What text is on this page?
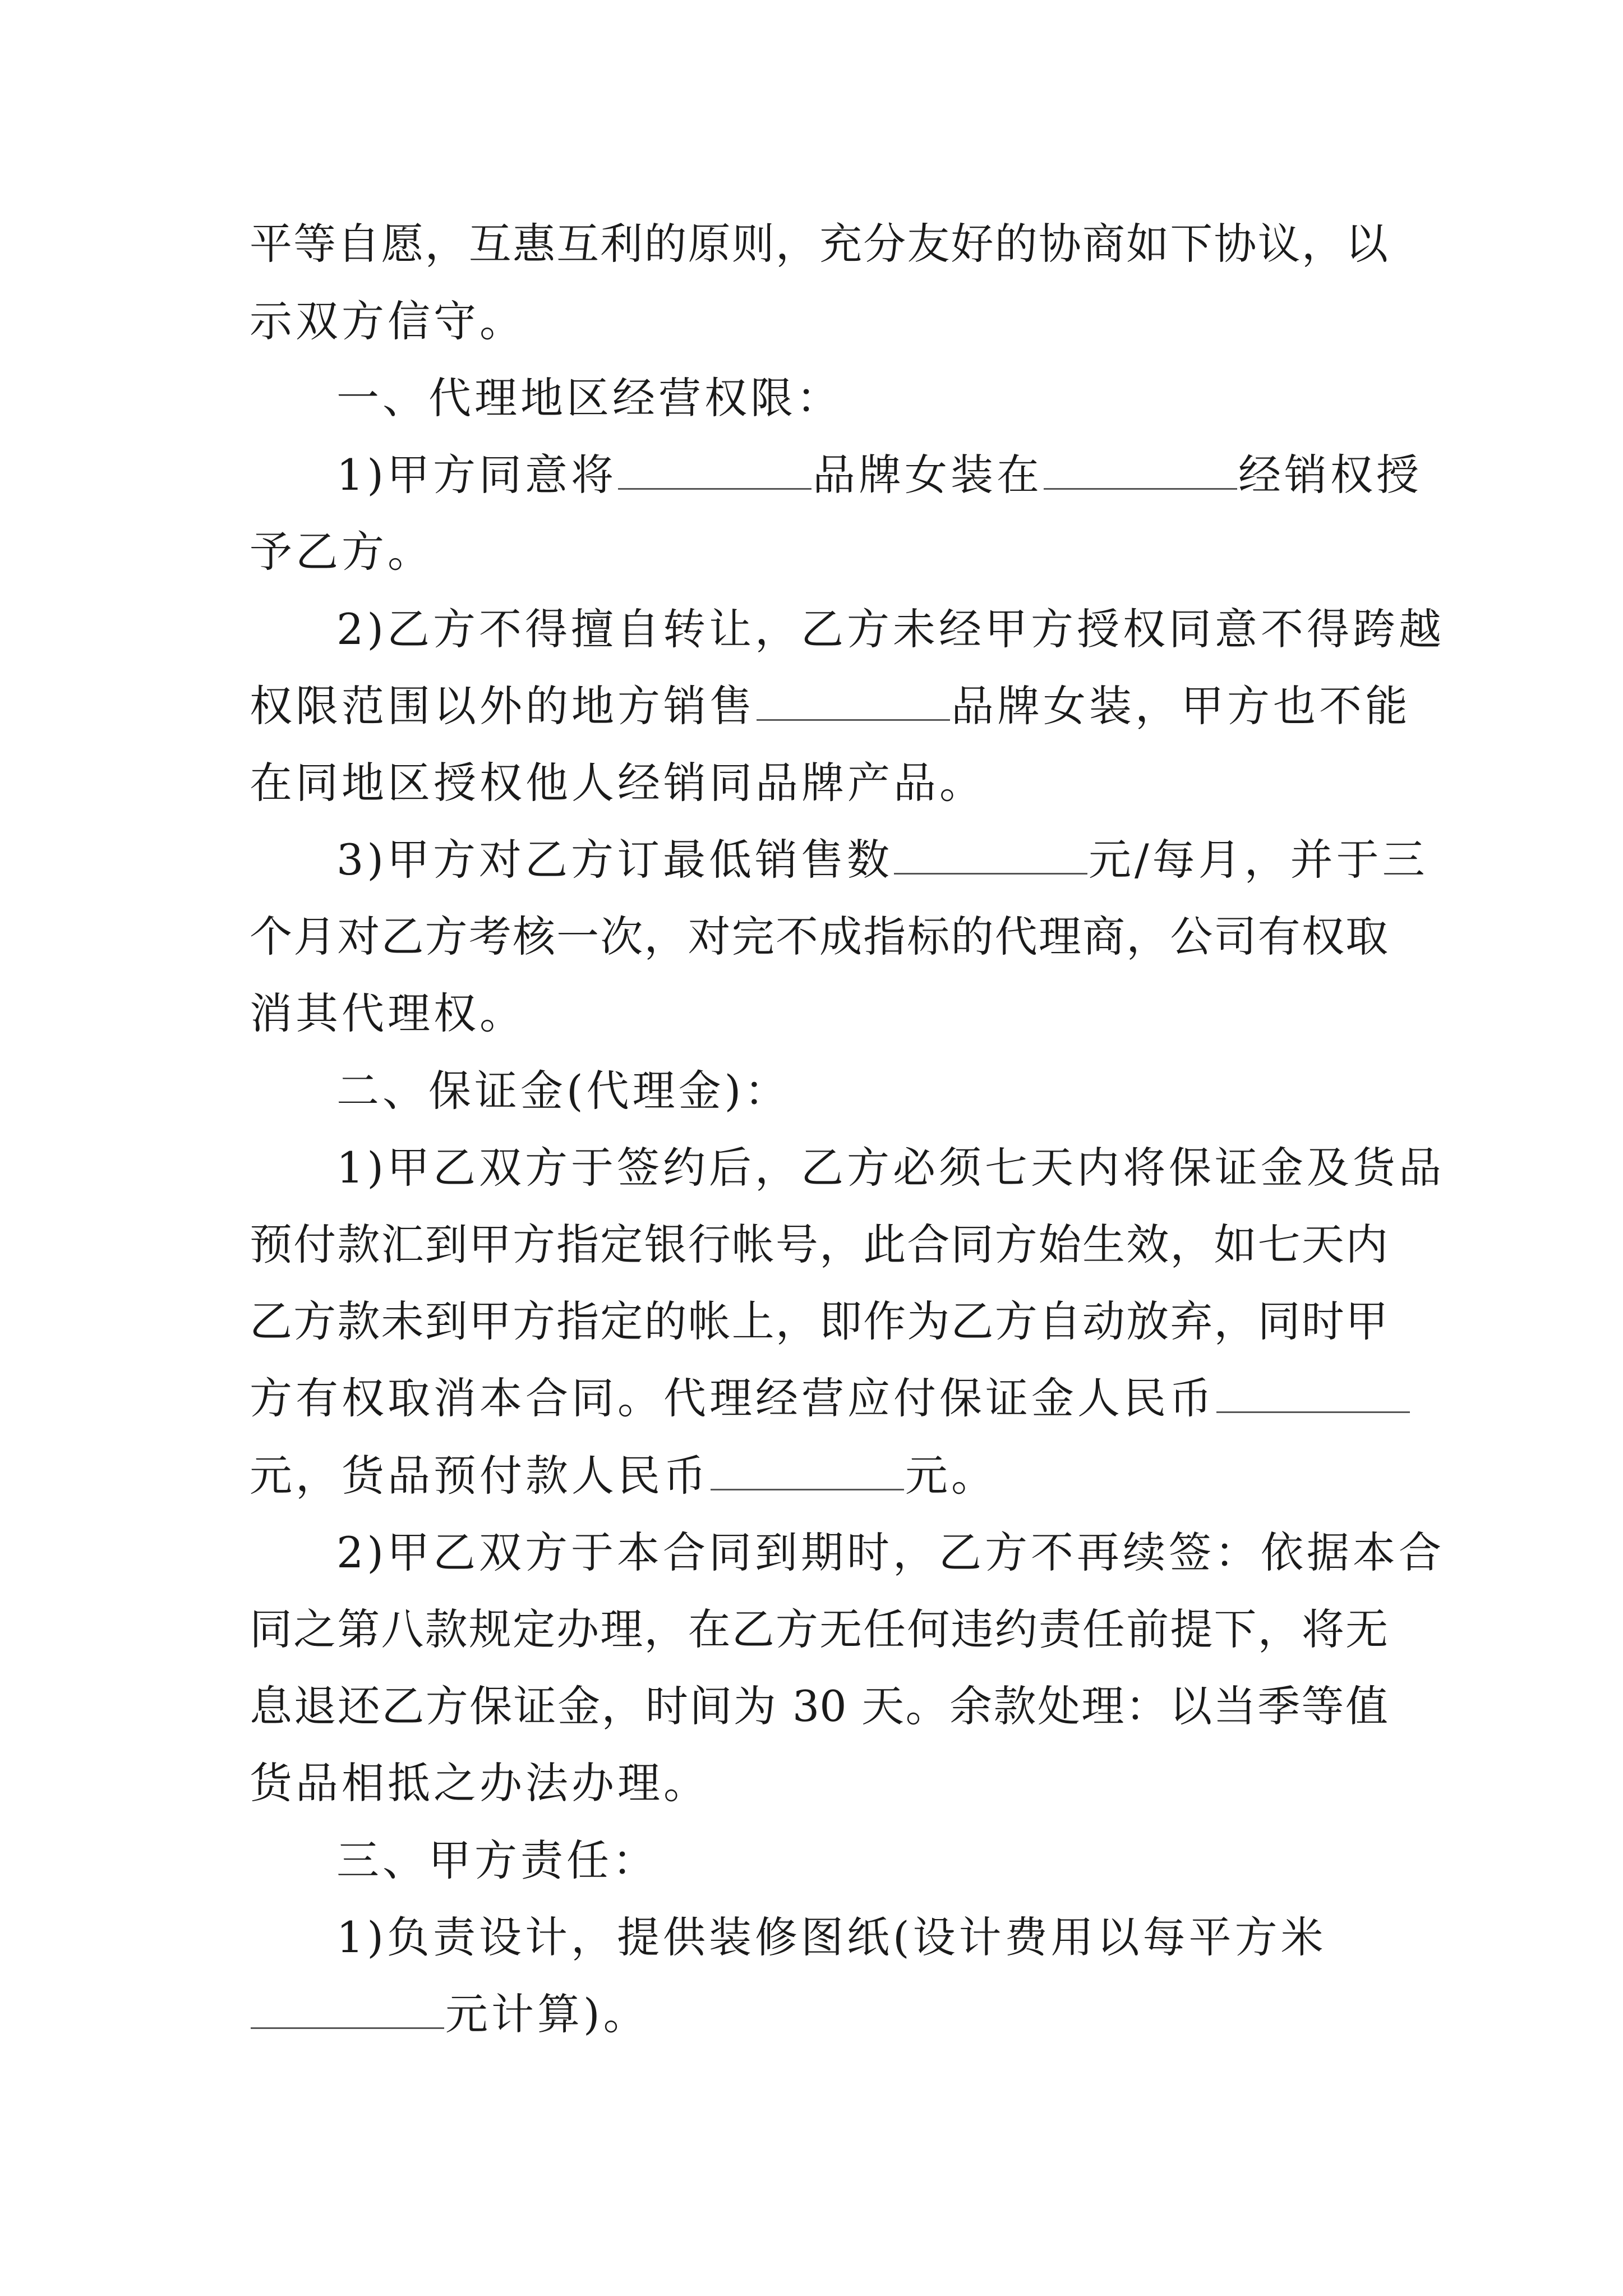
平等自愿，互惠互利的原则，充分友好的协商如下协议，以
示双方信守。
一、代理地区经营权限：
1)甲方同意将	品牌女装在	经销权授
予乙方。
2)乙方不得擅自转让，乙方未经甲方授权同意不得跨越
权限范围以外的地方销售	品牌女装，甲方也不能
在同地区授权他人经销同品牌产品。
3)甲方对乙方订最低销售数	元/每月，并于三
个月对乙方考核一次，对完不成指标的代理商，公司有权取
消其代理权。
二、保证金(代理金)：
1)甲乙双方于签约后，乙方必须七天内将保证金及货品
预付款汇到甲方指定银行帐号，此合同方始生效，如七天内
乙方款未到甲方指定的帐上，即作为乙方自动放弃，同时甲
方有权取消本合同。代理经营应付保证金人民币
元，货品预付款人民币	元。
2)甲乙双方于本合同到期时，乙方不再续签：依据本合
同之第八款规定办理，在乙方无任何违约责任前提下，将无
息退还乙方保证金，时间为 30 天。余款处理：以当季等值
货品相抵之办法办理。
三、甲方责任：
1)负责设计，提供装修图纸(设计费用以每平方米
元计算)。
